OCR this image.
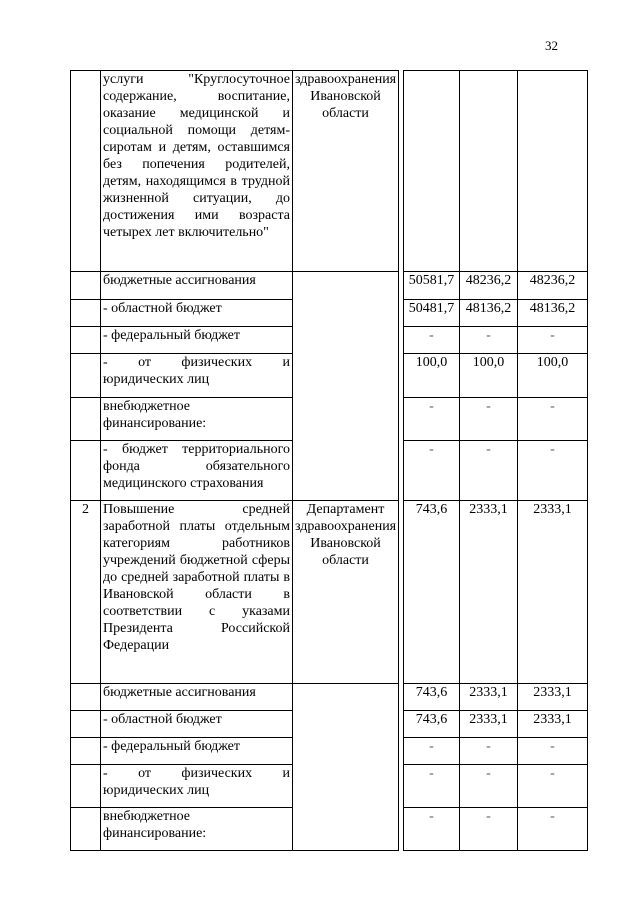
32
	услуги "Круглосуточное содержание, воспитание, оказание медицинской и социальной помощи детям-сиротам и детям, оставшимся без попечения родителей, детям, находящимся в трудной жизненной ситуации, до достижения ими возраста четырех лет включительно"	здравоохранения Ивановской области				
	бюджетные ассигнования			50581,7	48236,2	48236,2
	- областной бюджет			50481,7	48136,2	48136,2
	- федеральный бюджет			-	-	-
	- от физических и юридических лиц			100,0	100,0	100,0
	внебюджетное финансирование:			-	-	-
	- бюджет территориального фонда обязательного медицинского страхования			-	-	-
2	Повышение средней заработной платы отдельным категориям работников учреждений бюджетной сферы до средней заработной платы в Ивановской области в соответствии с указами Президента Российской Федерации	Департамент здравоохранения Ивановской области		743,6	2333,1	2333,1
	бюджетные ассигнования			743,6	2333,1	2333,1
	- областной бюджет			743,6	2333,1	2333,1
	- федеральный бюджет			-	-	-
	- от физических и юридических лиц			-	-	-
	внебюджетное финансирование:			-	-	-
